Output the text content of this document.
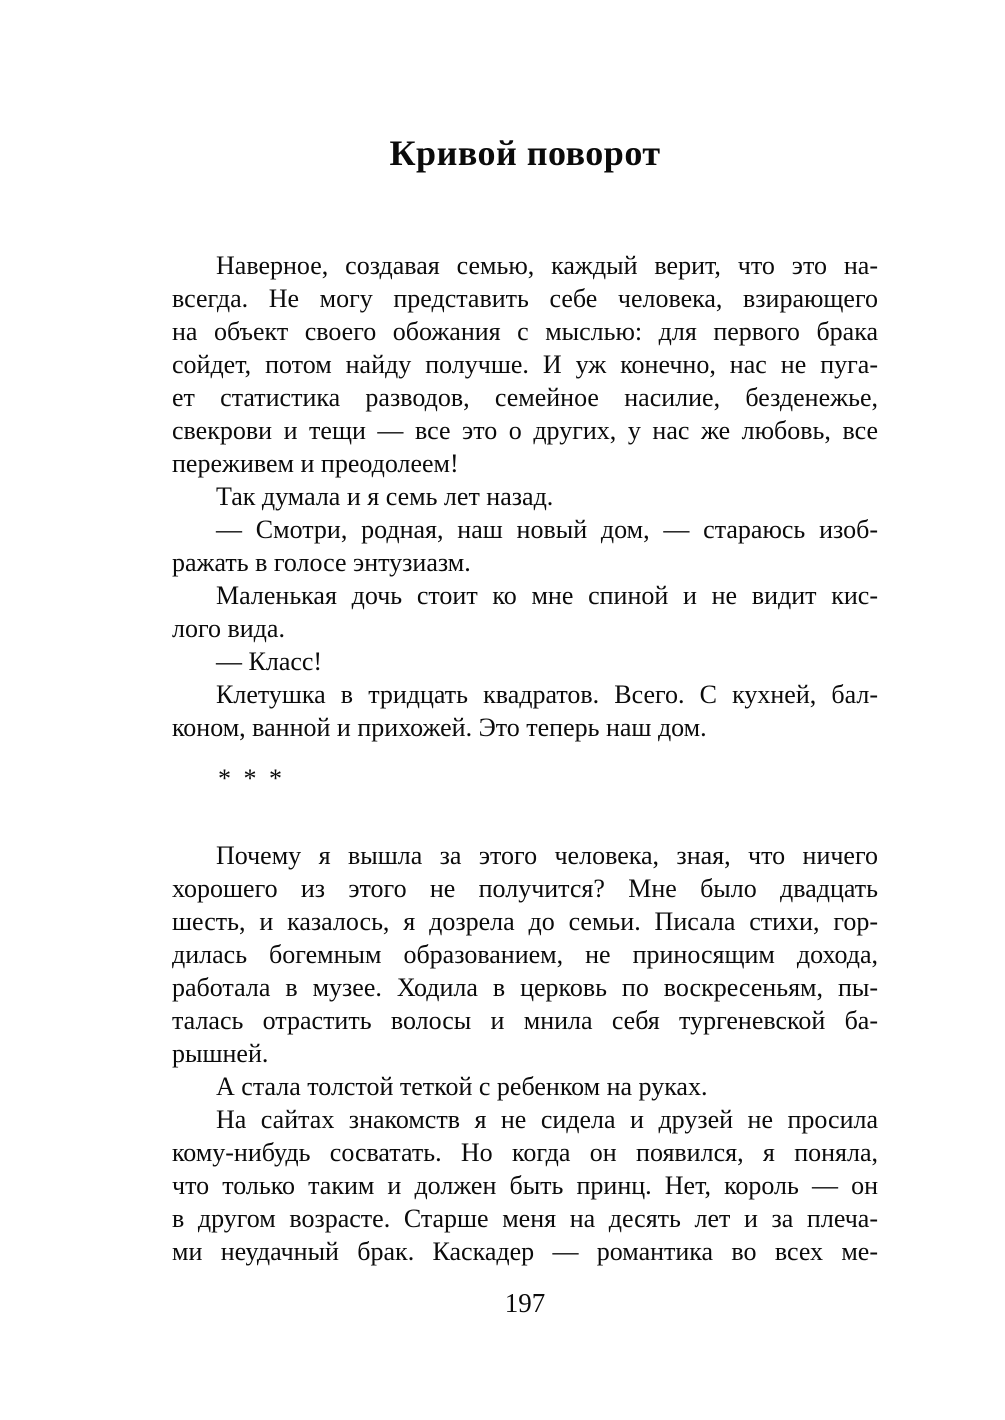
Кривой поворот
Наверное, создавая семью, каждый верит, что это на-
всегда. Не могу представить себе человека, взирающего
на объект своего обожания с мыслью: для первого брака
сойдет, потом найду получше. И уж конечно, нас не пуга-
ет статистика разводов, семейное насилие, безденежье,
свекрови и тещи — все это о других, у нас же любовь, все
переживем и преодолеем!
Так думала и я семь лет назад.
— Смотри, родная, наш новый дом, — стараюсь изоб-
ражать в голосе энтузиазм.
Маленькая дочь стоит ко мне спиной и не видит кис-
лого вида.
— Класс!
Клетушка в тридцать квадратов. Всего. С кухней, бал-
коном, ванной и прихожей. Это теперь наш дом.
* * *
Почему я вышла за этого человека, зная, что ничего
хорошего из этого не получится? Мне было двадцать
шесть, и казалось, я дозрела до семьи. Писала стихи, гор-
дилась богемным образованием, не приносящим дохода,
работала в музее. Ходила в церковь по воскресеньям, пы-
талась отрастить волосы и мнила себя тургеневской ба-
рышней.
А стала толстой теткой с ребенком на руках.
На сайтах знакомств я не сидела и друзей не просила
кому-нибудь сосватать. Но когда он появился, я поняла,
что только таким и должен быть принц. Нет, король — он
в другом возрасте. Старше меня на десять лет и за плеча-
ми неудачный брак. Каскадер — романтика во всех ме-
197
